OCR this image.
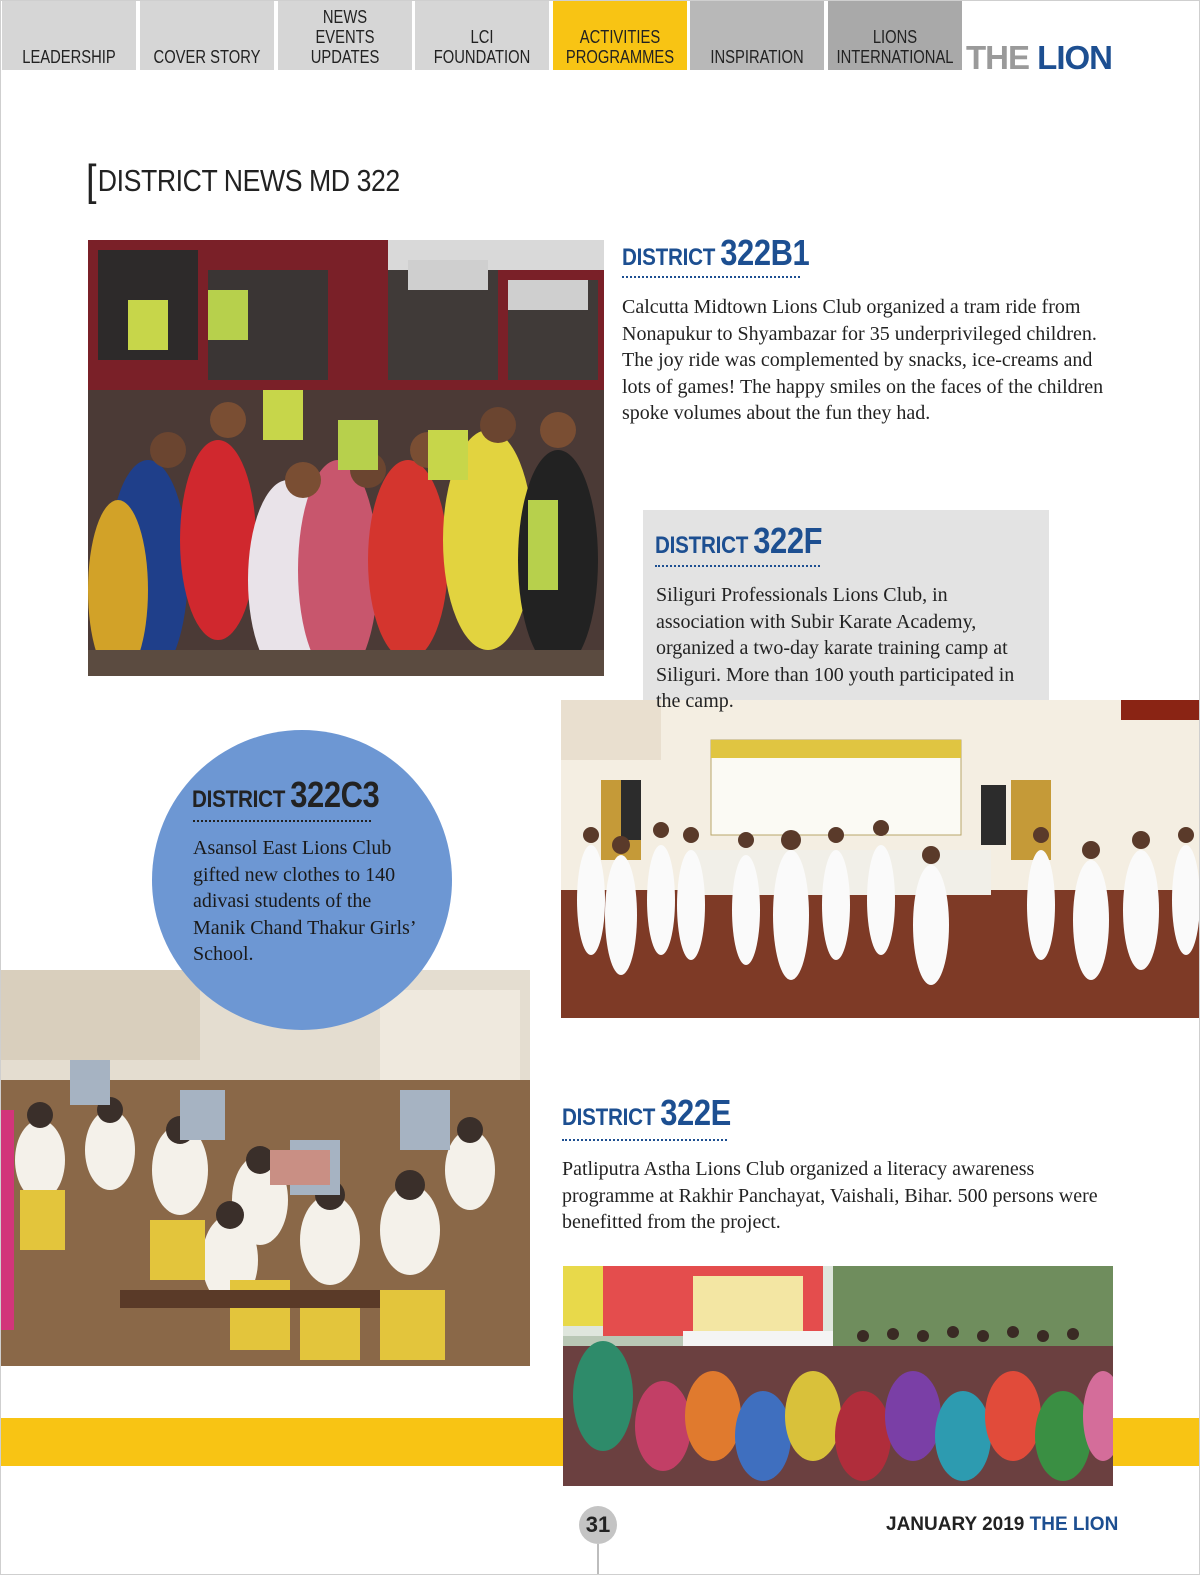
LEADERSHIP COVER STORY
NEWS
EVENTS
UPDATES
LCI
FOUNDATION
ACTIVITIES
PROGRAMMES INSPIRATION
LIONS
INTERNATIONAL THE LION
[DISTRICT NEWS MD 322
DISTRICT 322B1
Calcutta Midtown Lions Club organized a tram ride from Nonapukur to Shyambazar for 35 underprivileged children. The joy ride was complemented by snacks, ice-creams and lots of games! The happy smiles on the faces of the children spoke volumes about the fun they had.
DISTRICT 322F
Siliguri Professionals Lions Club, in association with Subir Karate Academy, organized a two-day karate training camp at Siliguri. More than 100 youth participated in the camp.
DISTRICT 322C3
Asansol East Lions Club gifted new clothes to 140 adivasi students of the Manik Chand Thakur Girls’ School.
DISTRICT 322E
Patliputra Astha Lions Club organized a literacy awareness programme at Rakhir Panchayat, Vaishali, Bihar. 500 persons were benefitted from the project.
31	JANUARY 2019 THE LION
